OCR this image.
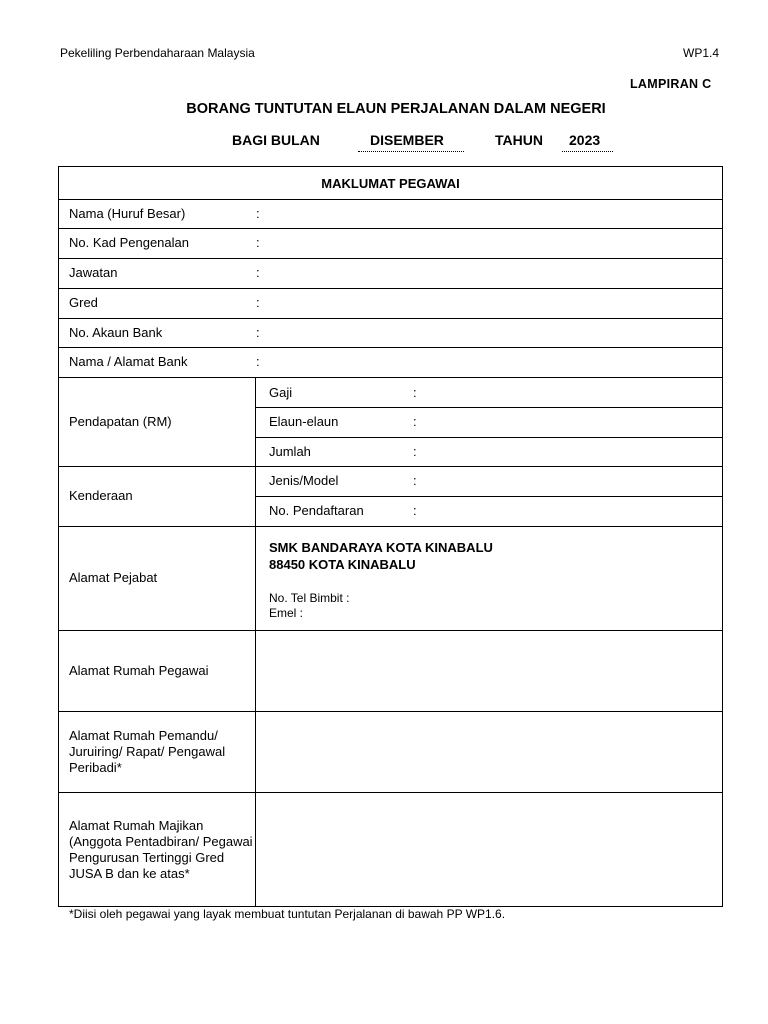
Pekeliling Perbendaharaan Malaysia	WP1.4
LAMPIRAN C
BORANG TUNTUTAN ELAUN PERJALANAN DALAM NEGERI
BAGI BULAN	DISEMBER	TAHUN 2023
MAKLUMAT PEGAWAI
Nama (Huruf Besar)	:
No. Kad Pengenalan	:
Jawatan	:
Gred	:
No. Akaun Bank	:
Nama / Alamat Bank	:
Pendapatan (RM)
Gaji	:
Elaun-elaun	:
Jumlah	:
Kenderaan
Jenis/Model	:
No. Pendaftaran	:
Alamat Pejabat
SMK BANDARAYA KOTA KINABALU
88450 KOTA KINABALU
No. Tel Bimbit :
Emel :
Alamat Rumah Pegawai
Alamat Rumah Pemandu/ Juruiring/ Rapat/ Pengawal Peribadi*
Alamat Rumah Majikan (Anggota Pentadbiran/ Pegawai Pengurusan Tertinggi Gred JUSA B dan ke atas*
*Diisi oleh pegawai yang layak membuat tuntutan Perjalanan di bawah PP WP1.6.
